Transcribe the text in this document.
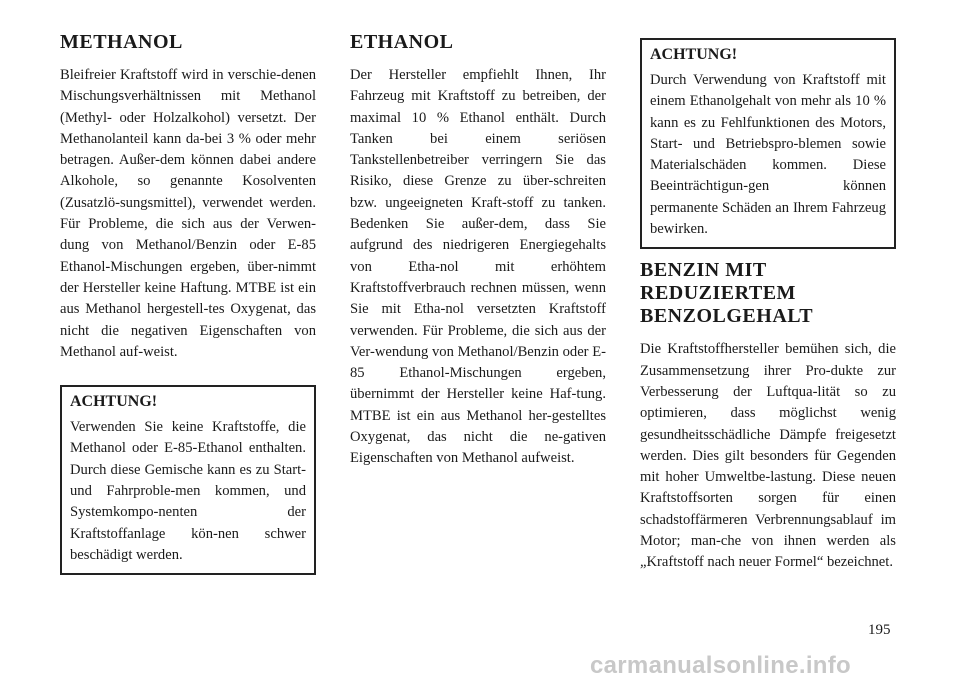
METHANOL

Bleifreier Kraftstoff wird in verschie-denen Mischungsverhältnissen mit Methanol (Methyl- oder Holzalkohol) versetzt. Der Methanolanteil kann da-bei 3 % oder mehr betragen. Außer-dem können dabei andere Alkohole, so genannte Kosolventen (Zusatzlö-sungsmittel), verwendet werden. Für Probleme, die sich aus der Verwen-dung von Methanol/Benzin oder E-85 Ethanol-Mischungen ergeben, über-nimmt der Hersteller keine Haftung. MTBE ist ein aus Methanol hergestell-tes Oxygenat, das nicht die negativen Eigenschaften von Methanol auf-weist.

ACHTUNG!

Verwenden Sie keine Kraftstoffe, die Methanol oder E-85-Ethanol enthalten. Durch diese Gemische kann es zu Start- und Fahrproble-men kommen, und Systemkompo-nenten der Kraftstoffanlage kön-nen schwer beschädigt werden.

ETHANOL

Der Hersteller empfiehlt Ihnen, Ihr Fahrzeug mit Kraftstoff zu betreiben, der maximal 10 % Ethanol enthält. Durch Tanken bei einem seriösen Tankstellenbetreiber verringern Sie das Risiko, diese Grenze zu über-schreiten bzw. ungeeigneten Kraft-stoff zu tanken. Bedenken Sie außer-dem, dass Sie aufgrund des niedrigeren Energiegehalts von Etha-nol mit erhöhtem Kraftstoffverbrauch rechnen müssen, wenn Sie mit Etha-nol versetzten Kraftstoff verwenden. Für Probleme, die sich aus der Ver-wendung von Methanol/Benzin oder E-85 Ethanol-Mischungen ergeben, übernimmt der Hersteller keine Haf-tung. MTBE ist ein aus Methanol her-gestelltes Oxygenat, das nicht die ne-gativen Eigenschaften von Methanol aufweist.

ACHTUNG!

Durch Verwendung von Kraftstoff mit einem Ethanolgehalt von mehr als 10 % kann es zu Fehlfunktionen des Motors, Start- und Betriebspro-blemen sowie Materialschäden kommen. Diese Beeinträchtigun-gen können permanente Schäden an Ihrem Fahrzeug bewirken.

BENZIN MIT
REDUZIERTEM
BENZOLGEHALT

Die Kraftstoffhersteller bemühen sich, die Zusammensetzung ihrer Pro-dukte zur Verbesserung der Luftqua-lität so zu optimieren, dass möglichst wenig gesundheitsschädliche Dämpfe freigesetzt werden. Dies gilt besonders für Gegenden mit hoher Umweltbe-lastung. Diese neuen Kraftstoffsorten sorgen für einen schadstoffärmeren Verbrennungsablauf im Motor; man-che von ihnen werden als „Kraftstoff nach neuer Formel“ bezeichnet.

195
carmanualsonline.info
